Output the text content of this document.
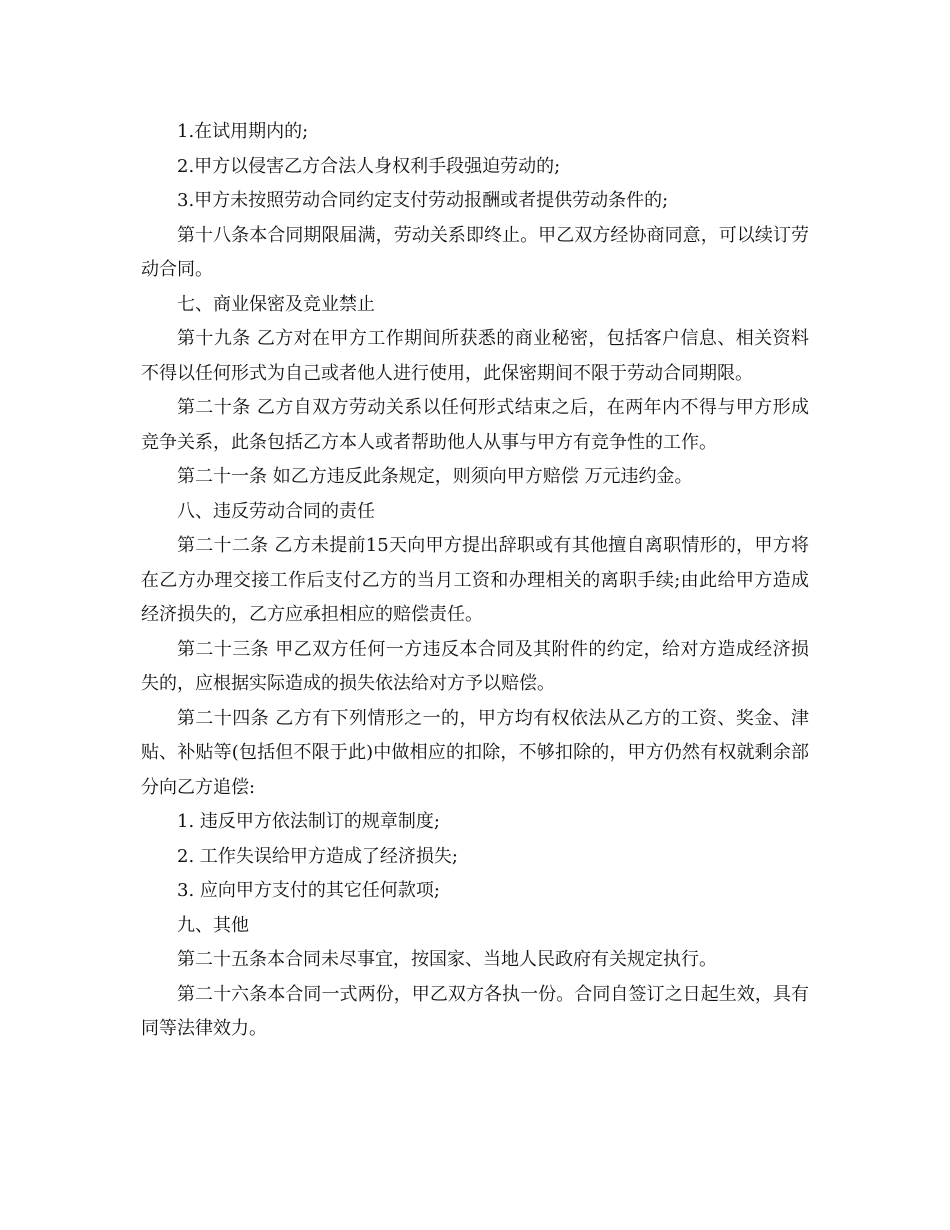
1.在试用期内的;

2.甲方以侵害乙方合法人身权利手段强迫劳动的;

3.甲方未按照劳动合同约定支付劳动报酬或者提供劳动条件的;

第十八条本合同期限届满，劳动关系即终止。甲乙双方经协商同意，可以续订劳动合同。

七、商业保密及竞业禁止

第十九条 乙方对在甲方工作期间所获悉的商业秘密，包括客户信息、相关资料不得以任何形式为自己或者他人进行使用，此保密期间不限于劳动合同期限。

第二十条 乙方自双方劳动关系以任何形式结束之后，在两年内不得与甲方形成竞争关系，此条包括乙方本人或者帮助他人从事与甲方有竞争性的工作。

第二十一条 如乙方违反此条规定，则须向甲方赔偿 万元违约金。

八、违反劳动合同的责任

第二十二条 乙方未提前15天向甲方提出辞职或有其他擅自离职情形的，甲方将在乙方办理交接工作后支付乙方的当月工资和办理相关的离职手续;由此给甲方造成经济损失的，乙方应承担相应的赔偿责任。

第二十三条 甲乙双方任何一方违反本合同及其附件的约定，给对方造成经济损失的，应根据实际造成的损失依法给对方予以赔偿。

第二十四条 乙方有下列情形之一的，甲方均有权依法从乙方的工资、奖金、津贴、补贴等(包括但不限于此)中做相应的扣除，不够扣除的，甲方仍然有权就剩余部分向乙方追偿:

1. 违反甲方依法制订的规章制度;

2. 工作失误给甲方造成了经济损失;

3. 应向甲方支付的其它任何款项;

九、其他

第二十五条本合同未尽事宜，按国家、当地人民政府有关规定执行。

第二十六条本合同一式两份，甲乙双方各执一份。合同自签订之日起生效，具有同等法律效力。
